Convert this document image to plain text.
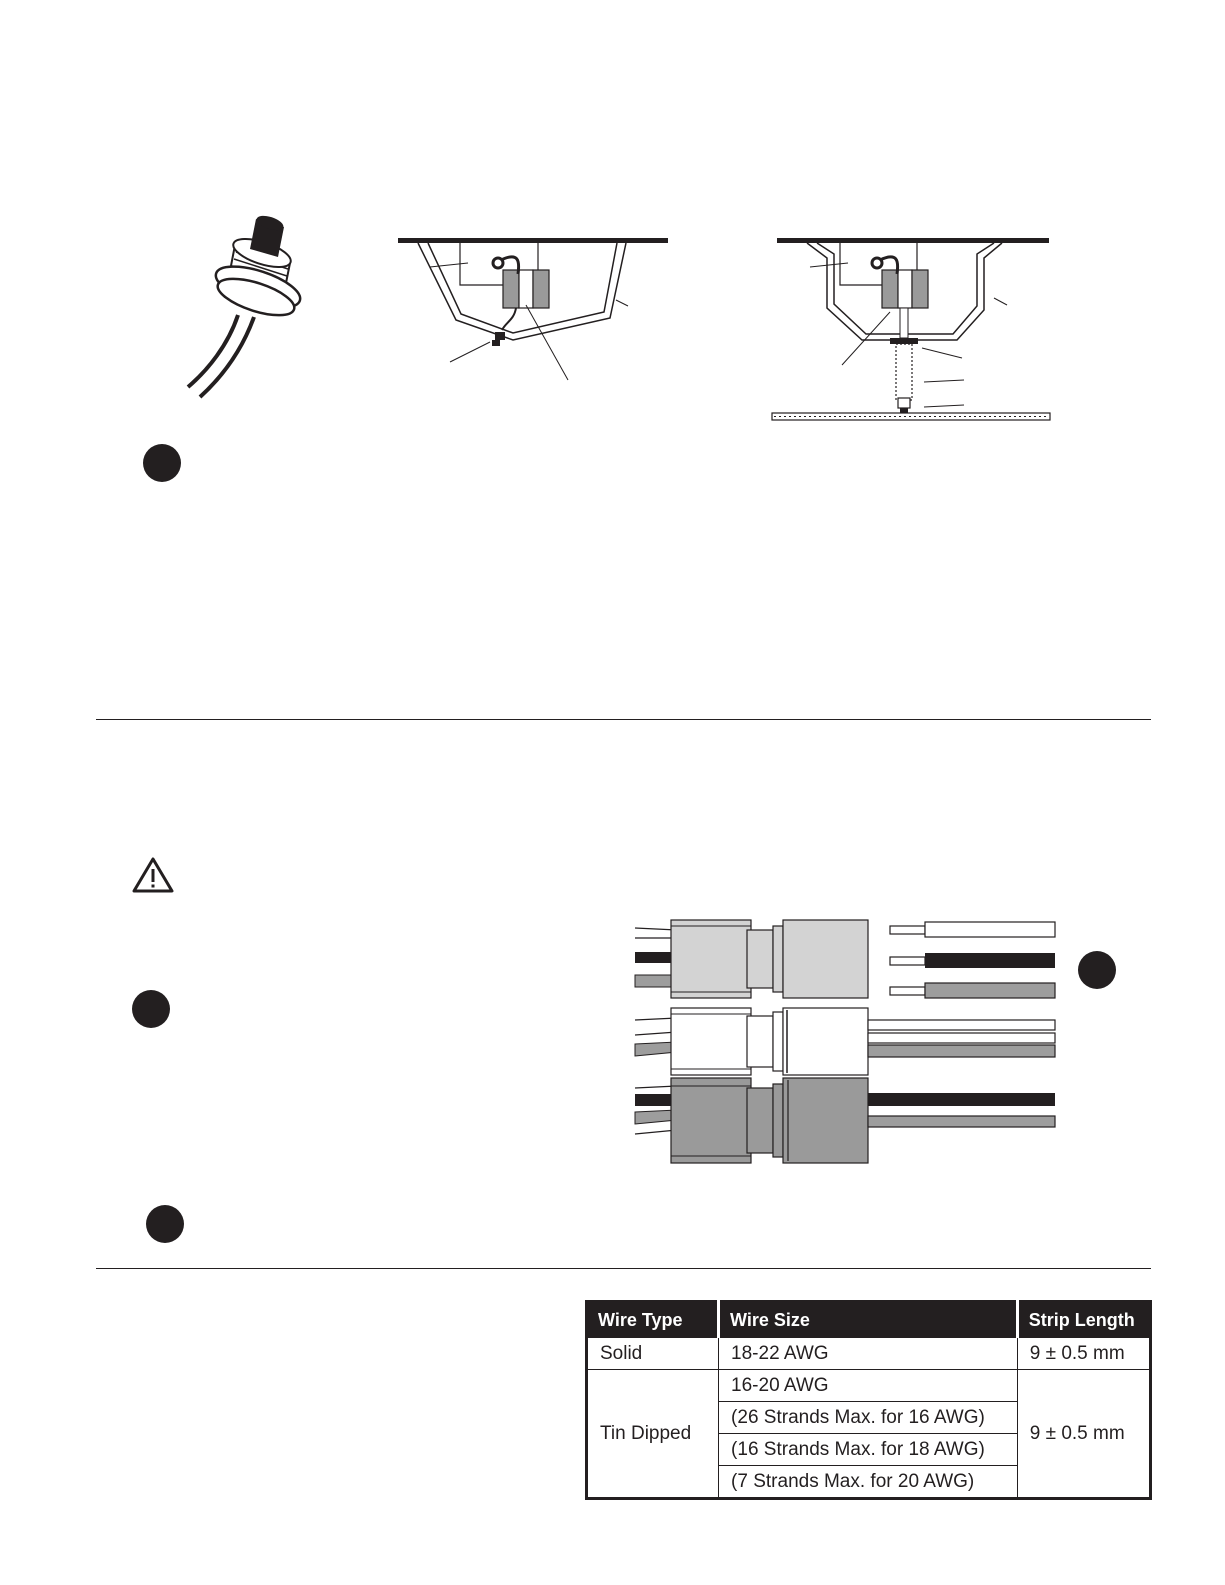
Wire Type	Wire Size	Strip Length
Solid	18-22 AWG	9 ± 0.5 mm
Tin Dipped	16-20 AWG	9 ± 0.5 mm
	(26 Strands Max. for 16 AWG)	
	(16 Strands Max. for 18 AWG)	
	(7 Strands Max. for 20 AWG)	
